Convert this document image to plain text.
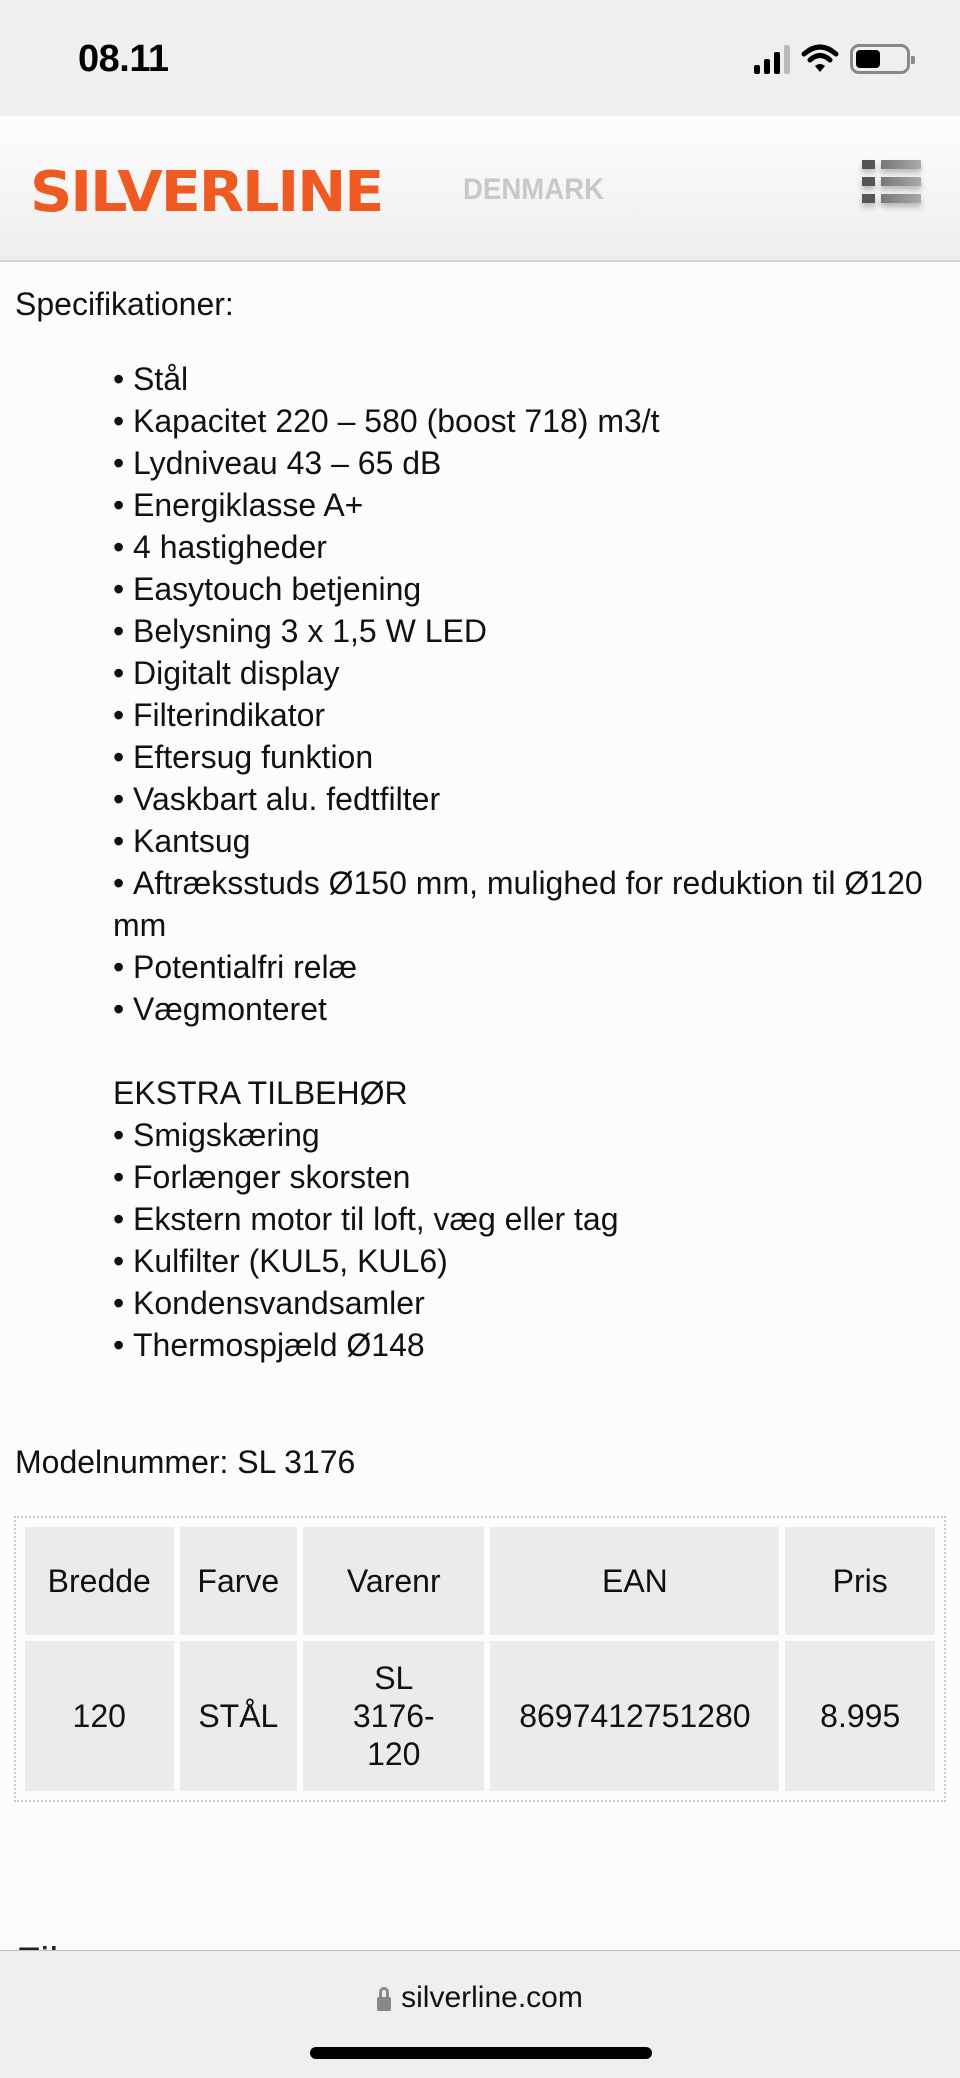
08.11
SILVERLINE	DENMARK
Specifikationer:
• Stål
• Kapacitet 220 – 580 (boost 718) m3/t
• Lydniveau 43 – 65 dB
• Energiklasse A+
• 4 hastigheder
• Easytouch betjening
• Belysning 3 x 1,5 W LED
• Digitalt display
• Filterindikator
• Eftersug funktion
• Vaskbart alu. fedtfilter
• Kantsug
• Aftræksstuds Ø150 mm, mulighed for reduktion til Ø120 mm
• Potentialfri relæ
• Vægmonteret
EKSTRA TILBEHØR
• Smigskæring
• Forlænger skorsten
• Ekstern motor til loft, væg eller tag
• Kulfilter (KUL5, KUL6)
• Kondensvandsamler
• Thermospjæld Ø148
Modelnummer: SL 3176
Bredde	Farve	Varenr	EAN	Pris
120	STÅL	SL 3176-120	8697412751280	8.995
silverline.com
